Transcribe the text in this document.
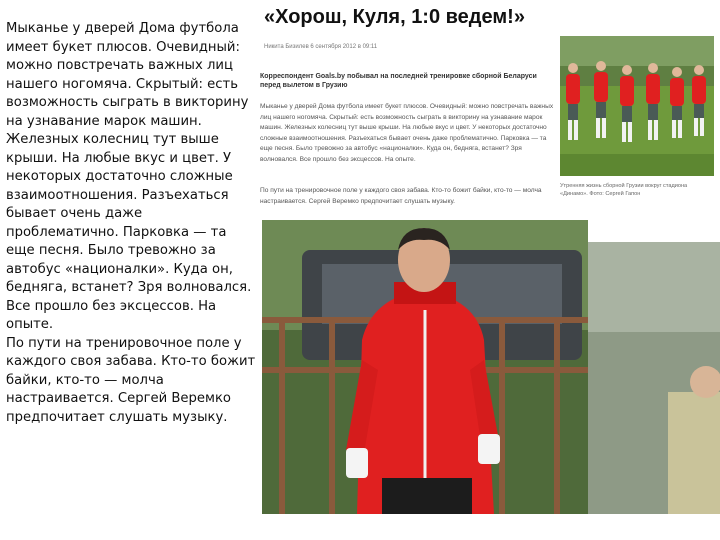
Мыканье у дверей Дома футбола имеет букет плюсов. Очевидный: можно повстречать важных лиц нашего ногомяча. Скрытый: есть возможность сыграть в викторину на узнавание марок машин. Железных колесниц тут выше крыши. На любые вкус и цвет. У некоторых достаточно сложные взаимоотношения. Разъехаться бывает очень даже проблематично. Парковка — та еще песня. Было тревожно за автобус «националки». Куда он, бедняга, встанет? Зря волновался. Все прошло без эксцессов. На опыте.

По пути на тренировочное поле у каждого своя забава. Кто-то божит байки, кто-то — молча настраивается. Сергей Веремко предпочитает слушать музыку.

«Хорош, Куля, 1:0 ведем!»
Никита Бизилев 6 сентября 2012 в 09:11
Корреспондент Goals.by побывал на последней тренировке сборной Беларуси перед вылетом в Грузию
Мыканье у дверей Дома футбола имеет букет плюсов. Очевидный: можно повстречать важных лиц нашего ногомяча. Скрытый: есть возможность сыграть в викторину на узнавание марок машин. Железных колесниц тут выше крыши. На любые вкус и цвет. У некоторых достаточно сложные взаимоотношения. Разъехаться бывает очень даже проблематично. Парковка — та еще песня. Было тревожно за автобус «националки». Куда он, бедняга, встанет? Зря волновался. Все прошло без эксцессов. На опыте.
По пути на тренировочное поле у каждого своя забава. Кто-то божит байки, кто-то — молча настраивается. Сергей Веремко предпочитает слушать музыку.
Утренняя жизнь сборной Грузии вокруг стадиона «Динамо». Фото: Сергей Гапон
